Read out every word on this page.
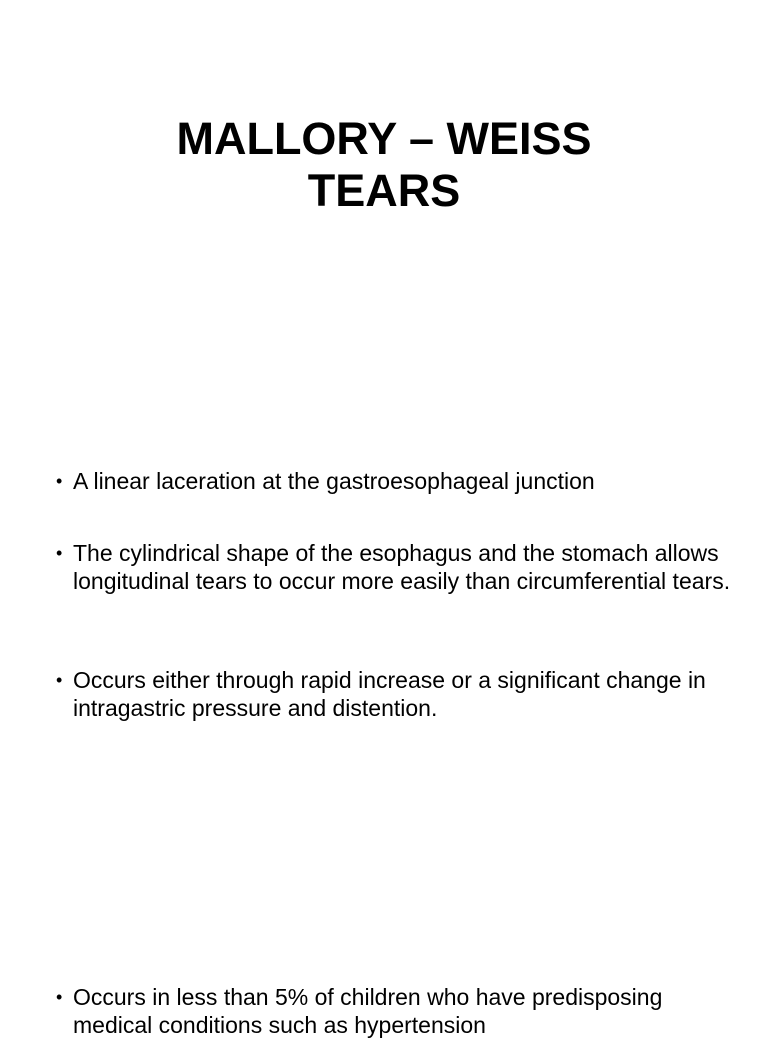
MALLORY – WEISS
TEARS
• A linear laceration at the gastroesophageal junction
• The cylindrical shape of the esophagus and the stomach allows longitudinal tears to occur more easily than circumferential tears.
• Occurs either through rapid increase or a significant change in intragastric pressure and distention.
• Occurs in less than 5% of children who have predisposing medical conditions such as hypertension
